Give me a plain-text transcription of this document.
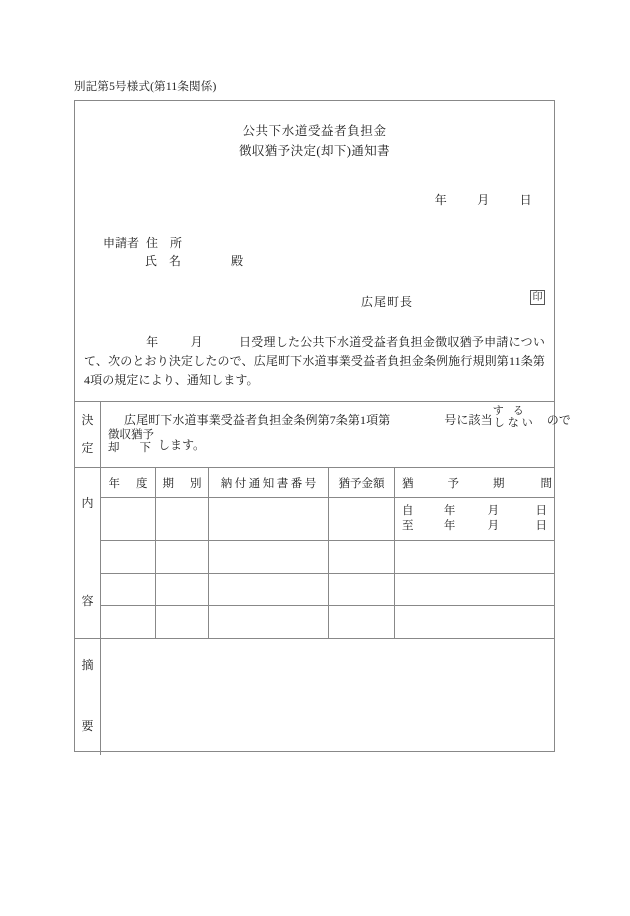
別記第5号様式(第11条関係)
公共下水道受益者負担金
徴収猶予決定(却下)通知書
年	月	日
申請者 住　所
氏　名	殿
広尾町長	印
年	月	日受理した公共下水道受益者負担金徴収猶予申請について、次のとおり決定したので、広尾町下水道事業受益者負担金条例施行規則第11条第4項の規定により、通知します。
決
定
広尾町下水道事業受益者負担金条例第7条第1項第	号に該当
する
しない ので
徴収猶予
却 下 します。
内
容
年 度	期 別	納付通知書番号	猶予金額	猶	予	期	間
自	年	月	日
至	年	月	日
摘
要
